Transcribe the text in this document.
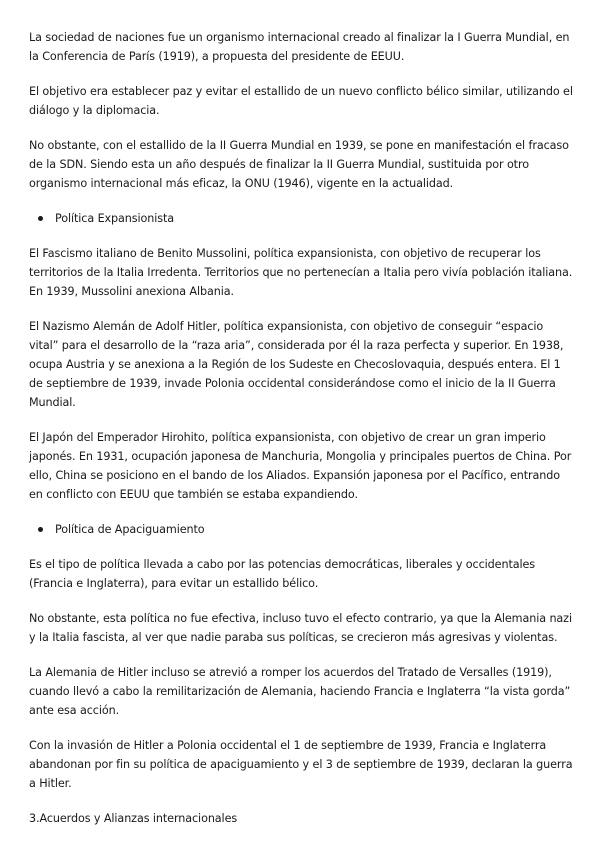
La sociedad de naciones fue un organismo internacional creado al finalizar la I Guerra Mundial, en la Conferencia de París (1919), a propuesta del presidente de EEUU.

El objetivo era establecer paz y evitar el estallido de un nuevo conflicto bélico similar, utilizando el diálogo y la diplomacia.

No obstante, con el estallido de la II Guerra Mundial en 1939, se pone en manifestación el fracaso de la SDN. Siendo esta un año después de finalizar la II Guerra Mundial, sustituida por otro organismo internacional más eficaz, la ONU (1946), vigente en la actualidad.

Política Expansionista

El Fascismo italiano de Benito Mussolini, política expansionista, con objetivo de recuperar los territorios de la Italia Irredenta. Territorios que no pertenecían a Italia pero vivía población italiana. En 1939, Mussolini anexiona Albania.

El Nazismo Alemán de Adolf Hitler, política expansionista, con objetivo de conseguir “espacio vital” para el desarrollo de la “raza aria”, considerada por él la raza perfecta y superior. En 1938, ocupa Austria y se anexiona a la Región de los Sudeste en Checoslovaquia, después entera. El 1 de septiembre de 1939, invade Polonia occidental considerándose como el inicio de la II Guerra Mundial.

El Japón del Emperador Hirohito, política expansionista, con objetivo de crear un gran imperio japonés. En 1931, ocupación japonesa de Manchuria, Mongolia y principales puertos de China. Por ello, China se posiciono en el bando de los Aliados. Expansión japonesa por el Pacífico, entrando en conflicto con EEUU que también se estaba expandiendo.

Política de Apaciguamiento

Es el tipo de política llevada a cabo por las potencias democráticas, liberales y occidentales (Francia e Inglaterra), para evitar un estallido bélico.

No obstante, esta política no fue efectiva, incluso tuvo el efecto contrario, ya que la Alemania nazi y la Italia fascista, al ver que nadie paraba sus políticas, se crecieron más agresivas y violentas.

La Alemania de Hitler incluso se atrevió a romper los acuerdos del Tratado de Versalles (1919), cuando llevó a cabo la remilitarización de Alemania, haciendo Francia e Inglaterra “la vista gorda” ante esa acción.

Con la invasión de Hitler a Polonia occidental el 1 de septiembre de 1939, Francia e Inglaterra abandonan por fin su política de apaciguamiento y el 3 de septiembre de 1939, declaran la guerra a Hitler.

3.Acuerdos y Alianzas internacionales
